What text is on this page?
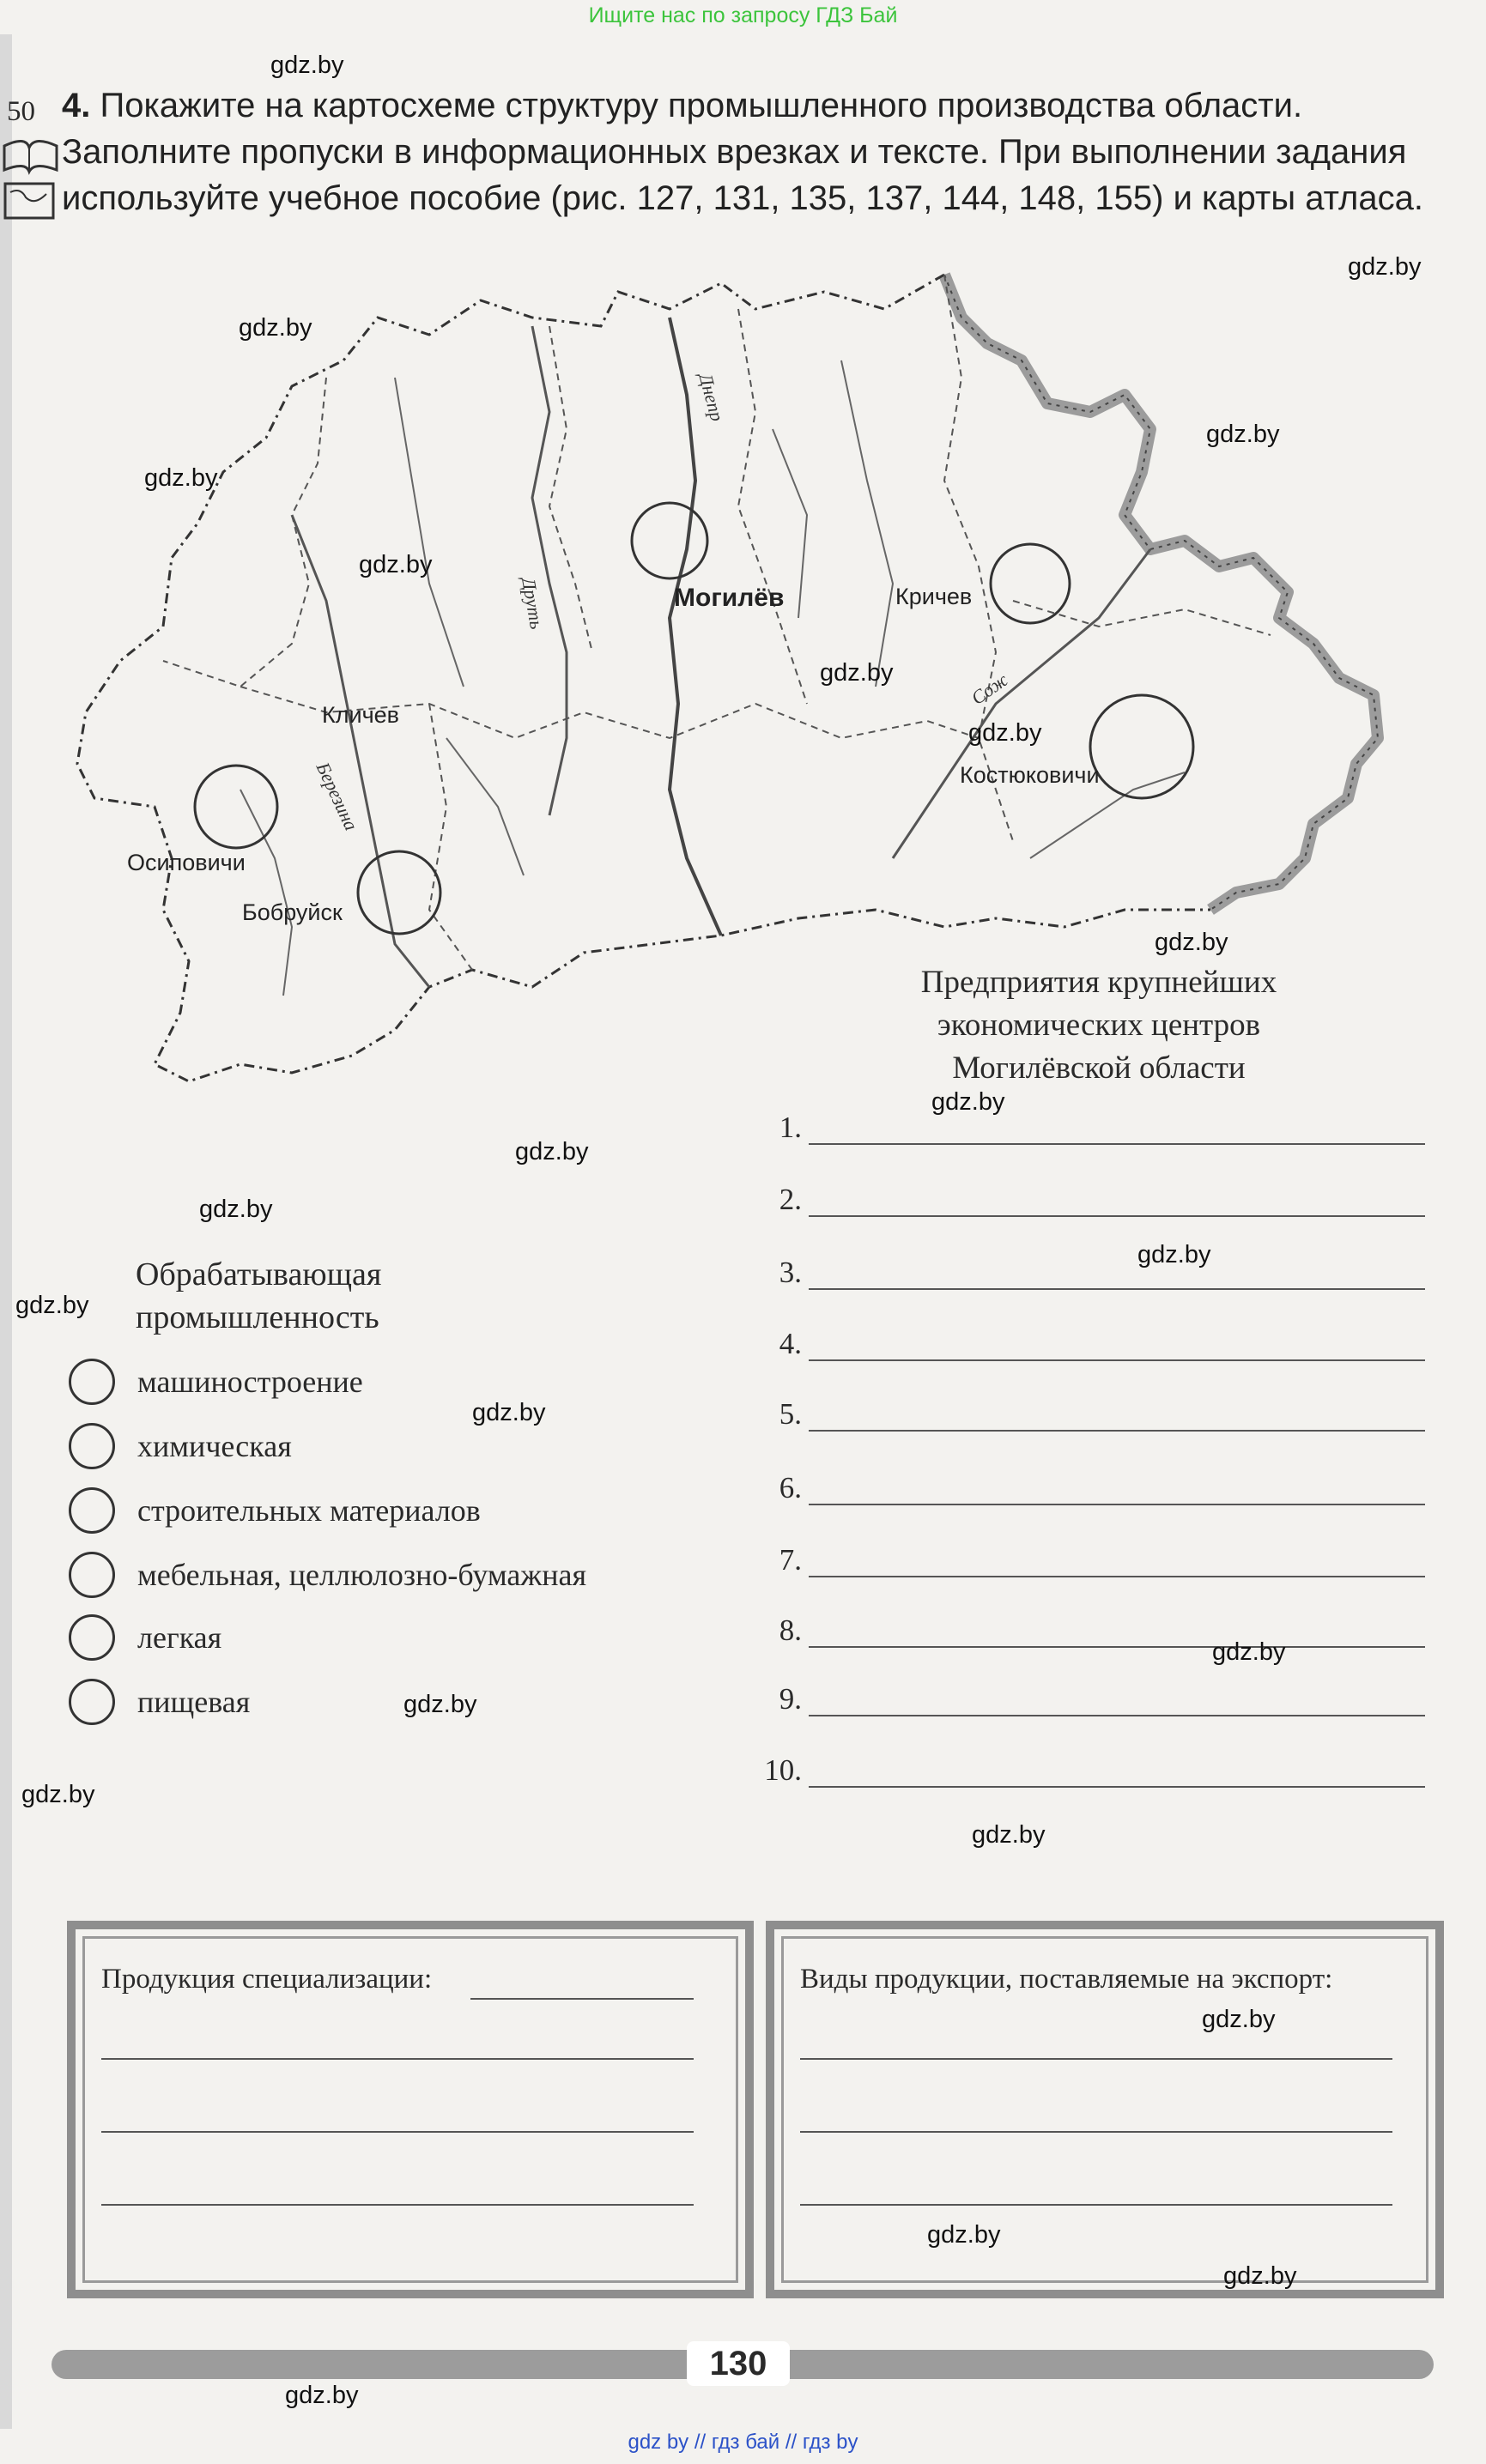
Ищите нас по запросу ГДЗ Бай
50 4. Покажите на картосхеме структуру промышленного производства области. Заполните пропуски в информационных врезках и тексте. При выполнении задания используйте учебное пособие (рис. 127, 131, 135, 137, 144, 148, 155) и карты атласа.
Могилёв	Кричев
Кличев
Костюковичи
Осиповичи
Бобруйск
Днепр
Друть
Березина
Сож
Предприятия крупнейших
экономических центров
Могилёвской области
1.
2.
3.
4.
5.
6.
7.
8.
9.
10.
Обрабатывающая
промышленность
машиностроение
химическая
строительных материалов
мебельная, целлюлозно-бумажная
легкая
пищевая
Продукция специализации:	Виды продукции, поставляемые на экспорт:
130
gdz.by
gdz.by
gdz.by
gdz.by
gdz.by
gdz.by
gdz.by
gdz.by
gdz.by
gdz.by
gdz.by
gdz.by
gdz.by
gdz.by
gdz.by
gdz.by
gdz.by
gdz.by
gdz.by
gdz.by
gdz.by
gdz.by
gdz.by
gdz by // гдз бай // гдз by
